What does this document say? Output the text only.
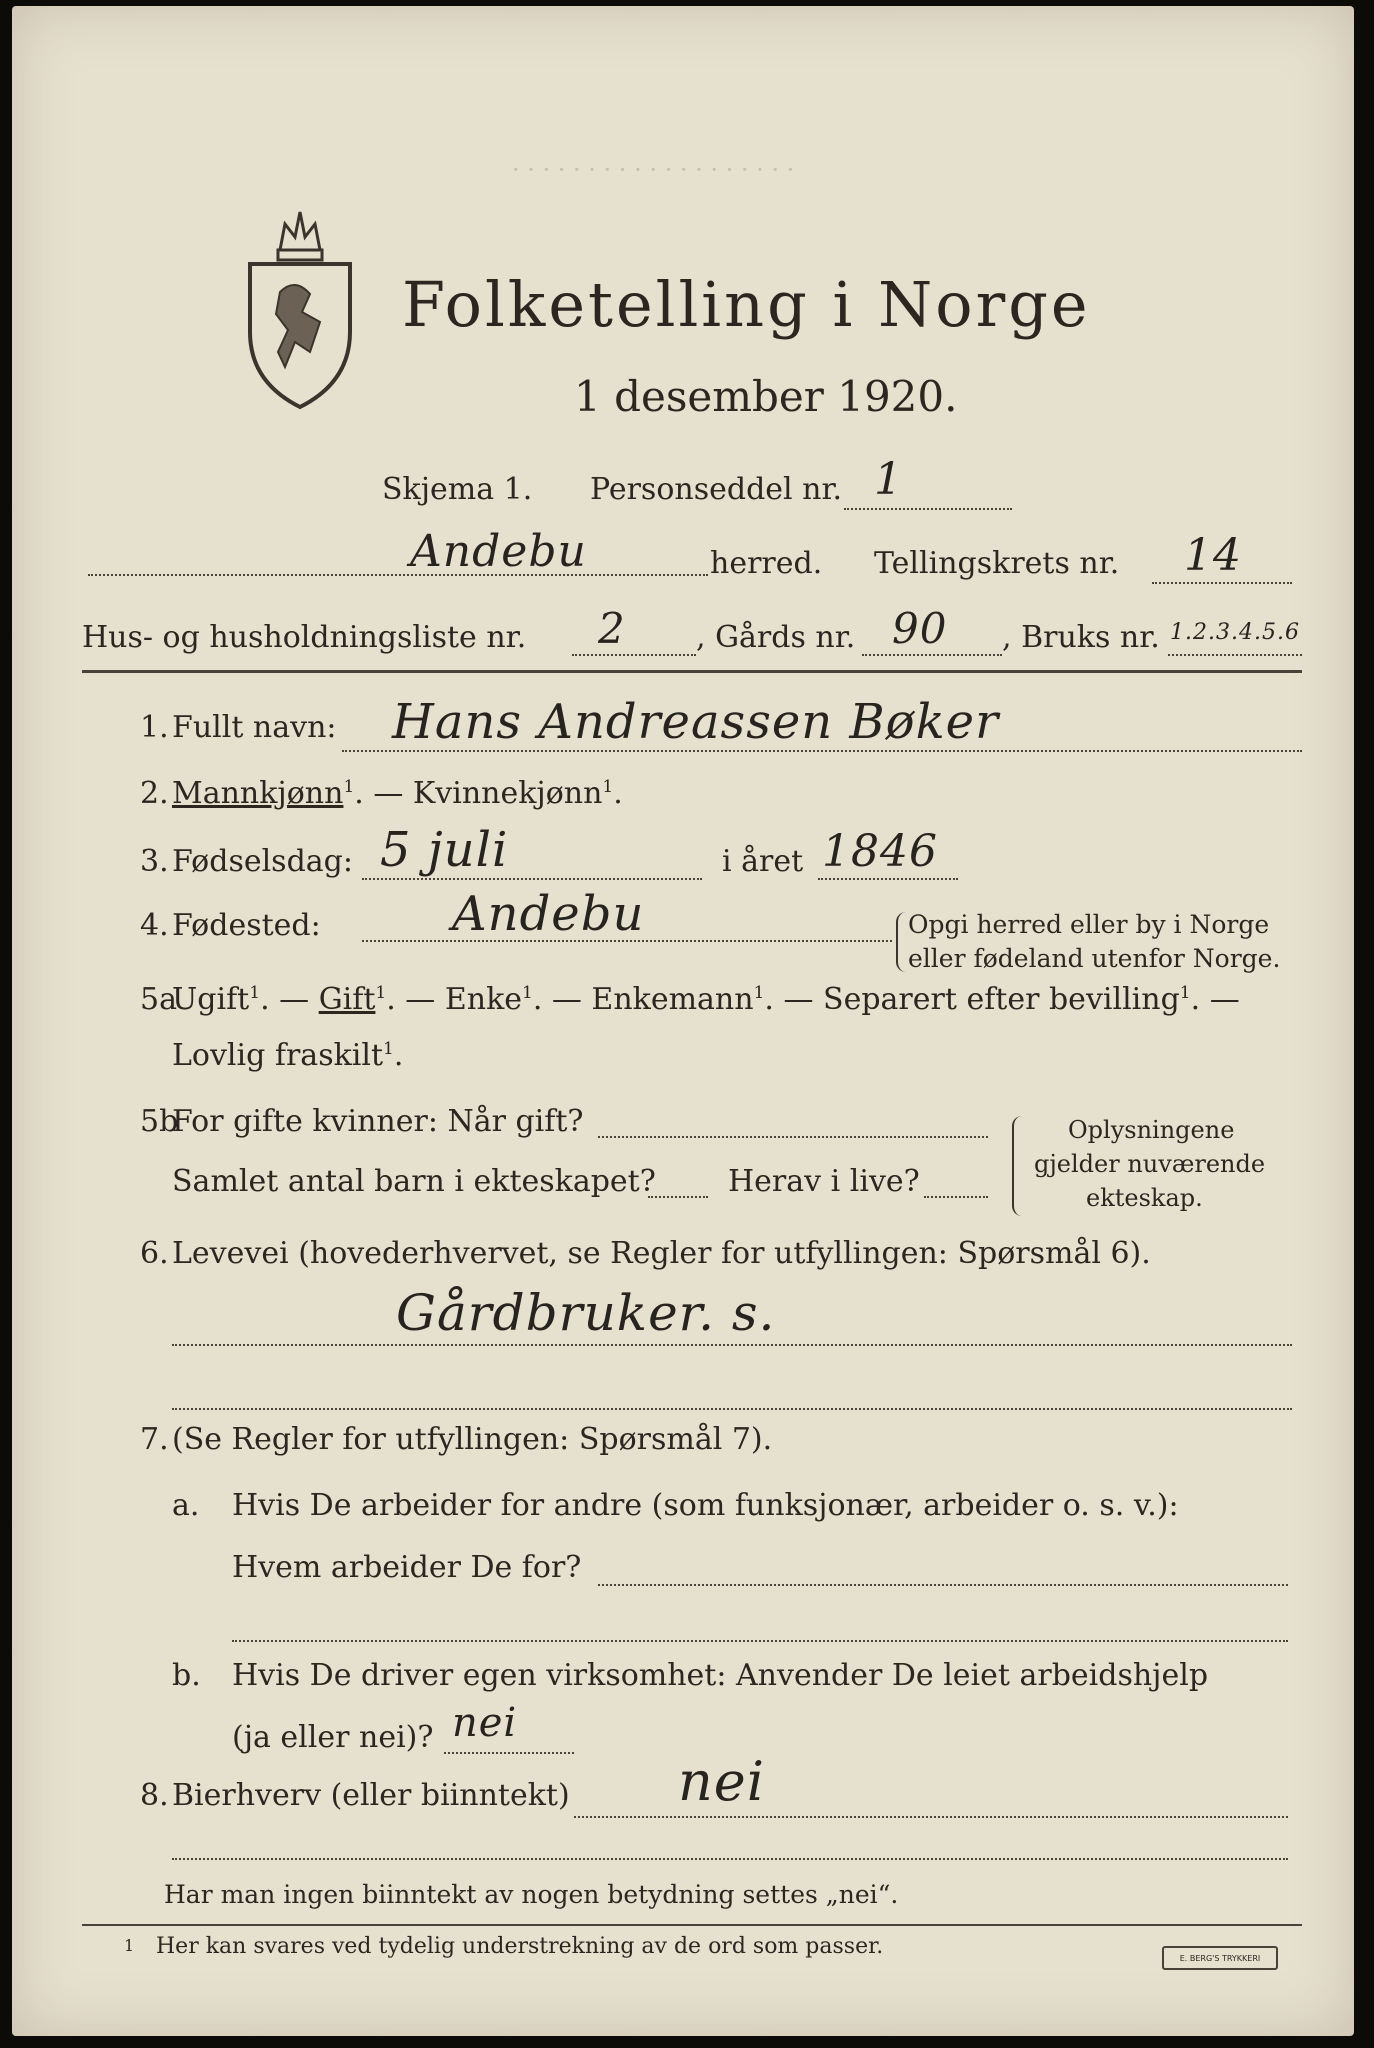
· · · · · · · · · · · · · · · · · · ·
Folketelling i Norge
1 desember 1920.
Skjema 1. Personseddel nr. 1
Andebu	herred. Tellingskrets nr. 14
Hus- og husholdningsliste nr. 2 , Gårds nr. 90 , Bruks nr. 1.2.3.4.5.6
1. Fullt navn: Hans Andreassen Bøker
2. Mannkjønn$^1$. — Kvinnekjønn$^1$.
3. Fødselsdag: 5 juli	i året 1846
4. Fødested:	Andebu	Opgi herred eller by i Norge
eller fødeland utenfor Norge.
5a
Ugift$^1$. — Gift$^1$. — Enke$^1$. — Enkemann$^1$. — Separert efter bevilling$^1$. —
Lovlig fraskilt$^1$.
5b
For gifte kvinner: Når gift?
Samlet antal barn i ekteskapet? Herav i live?
Oplysningene
gjelder nuværende
ekteskap.
6. Levevei (hovederhvervet, se Regler for utfyllingen: Spørsmål 6).
Gårdbruker. s.
7. (Se Regler for utfyllingen: Spørsmål 7).
a. Hvis De arbeider for andre (som funksjonær, arbeider o. s. v.):
Hvem arbeider De for?
b. Hvis De driver egen virksomhet: Anvender De leiet arbeidshjelp
(ja eller nei)? nei
8. Bierhverv (eller biinntekt) nei
Har man ingen biinntekt av nogen betydning settes „nei“.
1 Her kan svares ved tydelig understrekning av de ord som passer.	E. BERG'S TRYKKERI
